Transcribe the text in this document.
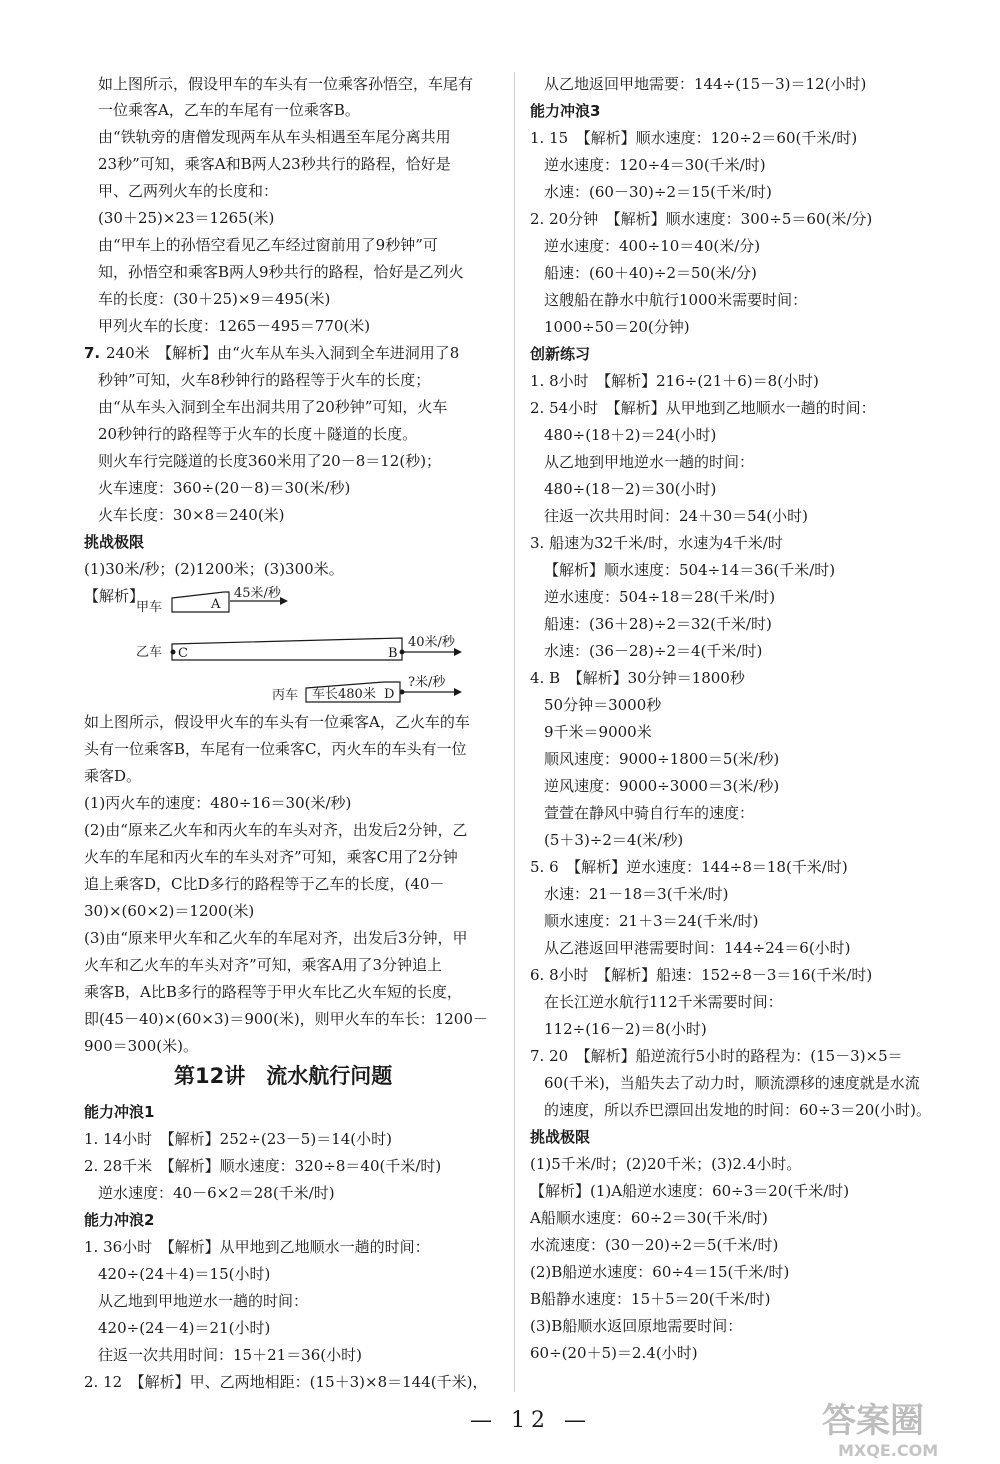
如上图所示，假设甲车的车头有一位乘客孙悟空，车尾有
一位乘客A，乙车的车尾有一位乘客B。
由“铁轨旁的唐僧发现两车从车头相遇至车尾分离共用
23秒”可知，乘客A和B两人23秒共行的路程，恰好是
甲、乙两列火车的长度和：
(30＋25)×23＝1265(米)
由“甲车上的孙悟空看见乙车经过窗前用了9秒钟”可
知，孙悟空和乘客B两人9秒共行的路程，恰好是乙列火
车的长度：(30＋25)×9＝495(米)
甲列火车的长度：1265－495＝770(米)
7. 240米　【解析】由“火车从车头入洞到全车进洞用了8
秒钟”可知，火车8秒钟行的路程等于火车的长度；
由“从车头入洞到全车出洞共用了20秒钟”可知，火车
20秒钟行的路程等于火车的长度＋隧道的长度。
则火车行完隧道的长度360米用了20－8＝12(秒)；
火车速度：360÷(20－8)＝30(米/秒)
火车长度：30×8＝240(米)
挑战极限
(1)30米/秒；(2)1200米；(3)300米。
【解析】
如上图所示，假设甲火车的车头有一位乘客A，乙火车的车
头有一位乘客B，车尾有一位乘客C，丙火车的车头有一位
乘客D。
(1)丙火车的速度：480÷16＝30(米/秒)
(2)由“原来乙火车和丙火车的车头对齐，出发后2分钟，乙
火车的车尾和丙火车的车头对齐”可知，乘客C用了2分钟
追上乘客D，C比D多行的路程等于乙车的长度，(40－
30)×(60×2)＝1200(米)
(3)由“原来甲火车和乙火车的车尾对齐，出发后3分钟，甲
火车和乙火车的车头对齐”可知，乘客A用了3分钟追上
乘客B，A比B多行的路程等于甲火车比乙火车短的长度，
即(45－40)×(60×3)＝900(米)，则甲火车的车长：1200－
900＝300(米)。
第12讲　流水航行问题
能力冲浪1
1. 14小时　【解析】252÷(23－5)＝14(小时)
2. 28千米　【解析】顺水速度：320÷8＝40(千米/时)
逆水速度：40－6×2＝28(千米/时)
能力冲浪2
1. 36小时　【解析】从甲地到乙地顺水一趟的时间：
420÷(24＋4)＝15(小时)
从乙地到甲地逆水一趟的时间：
420÷(24－4)＝21(小时)
往返一次共用时间：15＋21＝36(小时)
2. 12　【解析】甲、乙两地相距：(15＋3)×8＝144(千米)，
甲车	A
45米/秒
乙车 C	B
40米/秒
丙车 车长480米 D
?米/秒
从乙地返回甲地需要：144÷(15－3)＝12(小时)
能力冲浪3
1. 15　【解析】顺水速度：120÷2＝60(千米/时)
逆水速度：120÷4＝30(千米/时)
水速：(60－30)÷2＝15(千米/时)
2. 20分钟　【解析】顺水速度：300÷5＝60(米/分)
逆水速度：400÷10＝40(米/分)
船速：(60＋40)÷2＝50(米/分)
这艘船在静水中航行1000米需要时间：
1000÷50＝20(分钟)
创新练习
1. 8小时　【解析】216÷(21＋6)＝8(小时)
2. 54小时　【解析】从甲地到乙地顺水一趟的时间：
480÷(18＋2)＝24(小时)
从乙地到甲地逆水一趟的时间：
480÷(18－2)＝30(小时)
往返一次共用时间：24＋30＝54(小时)
3. 船速为32千米/时，水速为4千米/时
【解析】顺水速度：504÷14＝36(千米/时)
逆水速度：504÷18＝28(千米/时)
船速：(36＋28)÷2＝32(千米/时)
水速：(36－28)÷2＝4(千米/时)
4. B　【解析】30分钟＝1800秒
50分钟＝3000秒
9千米＝9000米
顺风速度：9000÷1800＝5(米/秒)
逆风速度：9000÷3000＝3(米/秒)
萱萱在静风中骑自行车的速度：
(5＋3)÷2＝4(米/秒)
5. 6　【解析】逆水速度：144÷8＝18(千米/时)
水速：21－18＝3(千米/时)
顺水速度：21＋3＝24(千米/时)
从乙港返回甲港需要时间：144÷24＝6(小时)
6. 8小时　【解析】船速：152÷8－3＝16(千米/时)
在长江逆水航行112千米需要时间：
112÷(16－2)＝8(小时)
7. 20　【解析】船逆流行5小时的路程为：(15－3)×5＝
60(千米)，当船失去了动力时，顺流漂移的速度就是水流
的速度，所以乔巴漂回出发地的时间：60÷3＝20(小时)。
挑战极限
(1)5千米/时；(2)20千米；(3)2.4小时。
【解析】(1)A船逆水速度：60÷3＝20(千米/时)
A船顺水速度：60÷2＝30(千米/时)
水流速度：(30－20)÷2＝5(千米/时)
(2)B船逆水速度：60÷4＝15(千米/时)
B船静水速度：15＋5＝20(千米/时)
(3)B船顺水返回原地需要时间：
60÷(20＋5)＝2.4(小时)
— 12 —	答案圈
MXQE.COM
